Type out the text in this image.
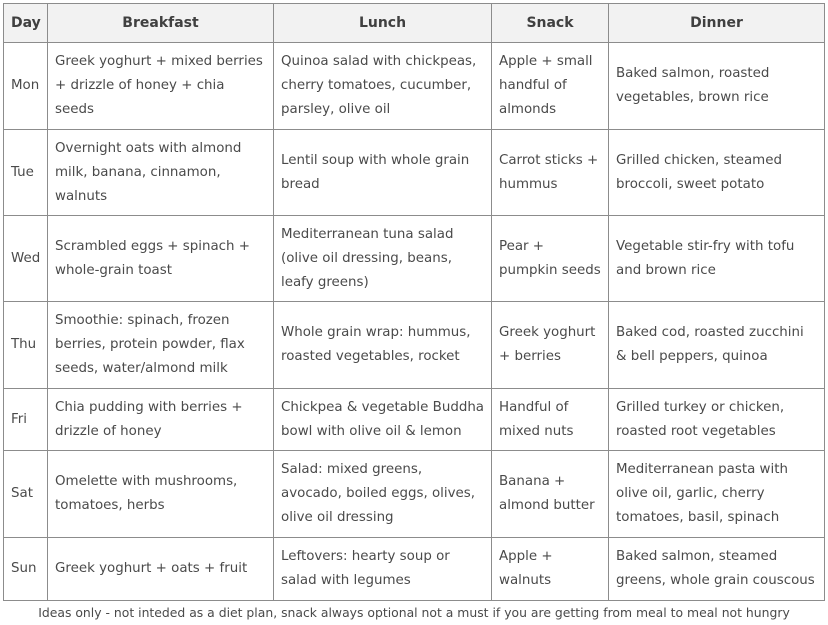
Day	Breakfast	Lunch	Snack	Dinner
Mon	Greek yoghurt + mixed berries + drizzle of honey + chia seeds	Quinoa salad with chickpeas, cherry tomatoes, cucumber, parsley, olive oil	Apple + small handful of almonds	Baked salmon, roasted vegetables, brown rice
Tue	Overnight oats with almond milk, banana, cinnamon, walnuts	Lentil soup with whole grain bread	Carrot sticks + hummus	Grilled chicken, steamed broccoli, sweet potato
Wed	Scrambled eggs + spinach + whole-grain toast	Mediterranean tuna salad (olive oil dressing, beans, leafy greens)	Pear + pumpkin seeds	Vegetable stir-fry with tofu and brown rice
Thu	Smoothie: spinach, frozen berries, protein powder, flax seeds, water/almond milk	Whole grain wrap: hummus, roasted vegetables, rocket	Greek yoghurt + berries	Baked cod, roasted zucchini & bell peppers, quinoa
Fri	Chia pudding with berries + drizzle of honey	Chickpea & vegetable Buddha bowl with olive oil & lemon	Handful of mixed nuts	Grilled turkey or chicken, roasted root vegetables
Sat	Omelette with mushrooms, tomatoes, herbs	Salad: mixed greens, avocado, boiled eggs, olives, olive oil dressing	Banana + almond butter	Mediterranean pasta with olive oil, garlic, cherry tomatoes, basil, spinach
Sun	Greek yoghurt + oats + fruit	Leftovers: hearty soup or salad with legumes	Apple + walnuts	Baked salmon, steamed greens, whole grain couscous
Ideas only - not inteded as a diet plan, snack always optional not a must if you are getting from meal to meal not hungry
